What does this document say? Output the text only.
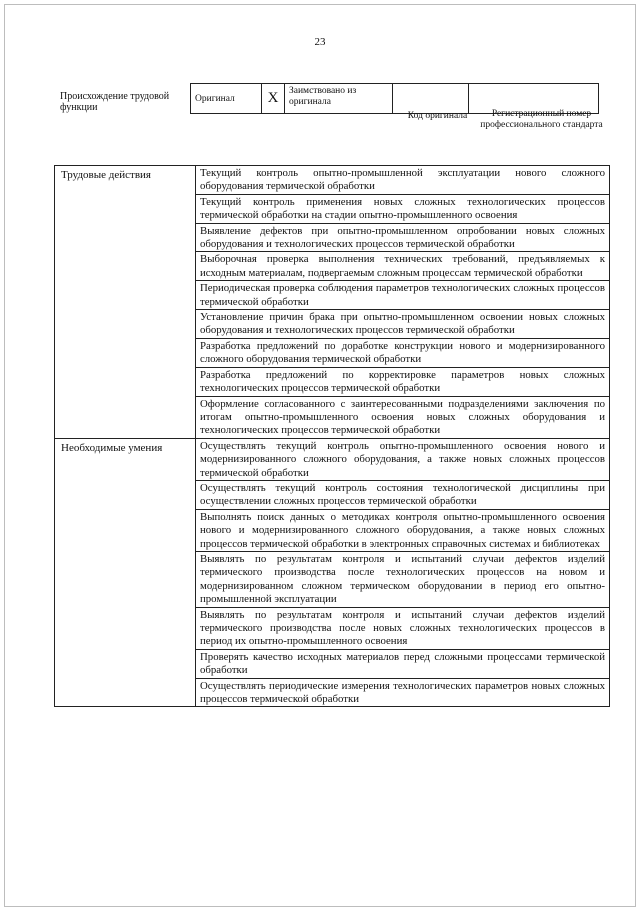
23
Происхождение трудовой функции
Оригинал	X	Заимствовано из оригинала		
Код оригинала	Регистрационный номер профессионального стандарта
Трудовые действия	Текущий контроль опытно-промышленной эксплуатации нового сложного оборудования термической обработки
	Текущий контроль применения новых сложных технологических процессов термической обработки на стадии опытно-промышленного освоения
	Выявление дефектов при опытно-промышленном опробовании новых сложных оборудования и технологических процессов термической обработки
	Выборочная проверка выполнения технических требований, предъявляемых к исходным материалам, подвергаемым сложным процессам термической обработки
	Периодическая проверка соблюдения параметров технологических сложных процессов термической обработки
	Установление причин брака при опытно-промышленном освоении новых сложных оборудования и технологических процессов термической обработки
	Разработка предложений по доработке конструкции нового и модернизированного сложного оборудования термической обработки
	Разработка предложений по корректировке параметров новых сложных технологических процессов термической обработки
	Оформление согласованного с заинтересованными подразделениями заключения по итогам опытно-промышленного освоения новых сложных оборудования и технологических процессов термической обработки
Необходимые умения	Осуществлять текущий контроль опытно-промышленного освоения нового и модернизированного сложного оборудования, а также новых сложных процессов термической обработки
	Осуществлять текущий контроль состояния технологической дисциплины при осуществлении сложных процессов термической обработки
	Выполнять поиск данных о методиках контроля опытно-промышленного освоения нового и модернизированного сложного оборудования, а также новых сложных процессов термической обработки в электронных справочных системах и библиотеках
	Выявлять по результатам контроля и испытаний случаи дефектов изделий термического производства после технологических процессов на новом и модернизированном сложном термическом оборудовании в период его опытно-промышленной эксплуатации
	Выявлять по результатам контроля и испытаний случаи дефектов изделий термического производства после новых сложных технологических процессов в период их опытно-промышленного освоения
	Проверять качество исходных материалов перед сложными процессами термической обработки
	Осуществлять периодические измерения технологических параметров новых сложных процессов термической обработки
